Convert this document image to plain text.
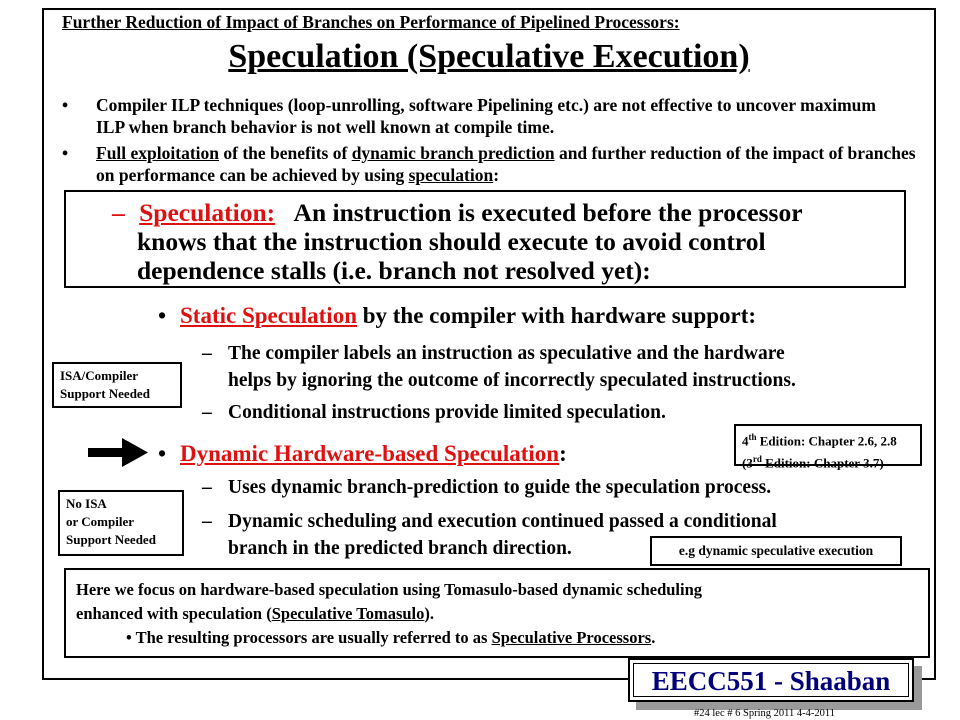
Further Reduction of Impact of Branches on Performance of Pipelined Processors:
Speculation (Speculative Execution)
• Compiler ILP techniques (loop-unrolling, software Pipelining etc.) are not effective to uncover maximum ILP when branch behavior is not well known at compile time.
• Full exploitation of the benefits of dynamic branch prediction and further reduction of the impact of branches on performance can be achieved by using speculation:
– Speculation: An instruction is executed before the processor
knows that the instruction should execute to avoid control
dependence stalls (i.e. branch not resolved yet):
• Static Speculation by the compiler with hardware support:
– The compiler labels an instruction as speculative and the hardware
helps by ignoring the outcome of incorrectly speculated instructions.
– Conditional instructions provide limited speculation.
ISA/Compiler
Support Needed
• Dynamic Hardware-based Speculation:
4th Edition: Chapter 2.6, 2.8
(3rd Edition: Chapter 3.7)
– Uses dynamic branch-prediction to guide the speculation process.
– Dynamic scheduling and execution continued passed a conditional
branch in the predicted branch direction.
No ISA
or Compiler
Support Needed
e.g dynamic speculative execution
Here we focus on hardware-based speculation using Tomasulo-based dynamic scheduling
enhanced with speculation (Speculative Tomasulo).
• The resulting processors are usually referred to as Speculative Processors.
EECC551 - Shaaban
#24 lec # 6 Spring 2011 4-4-2011
